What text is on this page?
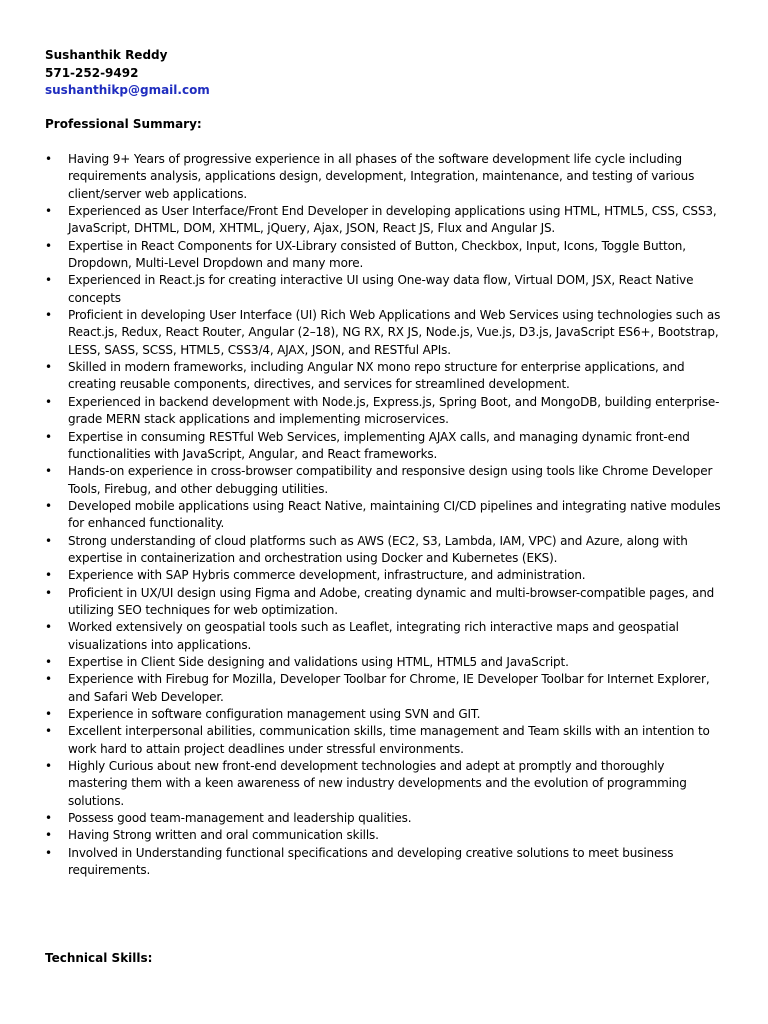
Sushanthik Reddy
571-252-9492
sushanthikp@gmail.com
Professional Summary:
• Having 9+ Years of progressive experience in all phases of the software development life cycle including requirements analysis, applications design, development, Integration, maintenance, and testing of various client/server web applications.
• Experienced as User Interface/Front End Developer in developing applications using HTML, HTML5, CSS, CSS3, JavaScript, DHTML, DOM, XHTML, jQuery, Ajax, JSON, React JS, Flux and Angular JS.
• Expertise in React Components for UX-Library consisted of Button, Checkbox, Input, Icons, Toggle Button, Dropdown, Multi-Level Dropdown and many more.
• Experienced in React.js for creating interactive UI using One-way data flow, Virtual DOM, JSX, React Native concepts
• Proficient in developing User Interface (UI) Rich Web Applications and Web Services using technologies such as React.js, Redux, React Router, Angular (2–18), NG RX, RX JS, Node.js, Vue.js, D3.js, JavaScript ES6+, Bootstrap, LESS, SASS, SCSS, HTML5, CSS3/4, AJAX, JSON, and RESTful APIs.
• Skilled in modern frameworks, including Angular NX mono repo structure for enterprise applications, and creating reusable components, directives, and services for streamlined development.
• Experienced in backend development with Node.js, Express.js, Spring Boot, and MongoDB, building enterprise-grade MERN stack applications and implementing microservices.
• Expertise in consuming RESTful Web Services, implementing AJAX calls, and managing dynamic front-end functionalities with JavaScript, Angular, and React frameworks.
• Hands-on experience in cross-browser compatibility and responsive design using tools like Chrome Developer Tools, Firebug, and other debugging utilities.
• Developed mobile applications using React Native, maintaining CI/CD pipelines and integrating native modules for enhanced functionality.
• Strong understanding of cloud platforms such as AWS (EC2, S3, Lambda, IAM, VPC) and Azure, along with expertise in containerization and orchestration using Docker and Kubernetes (EKS).
• Experience with SAP Hybris commerce development, infrastructure, and administration.
• Proficient in UX/UI design using Figma and Adobe, creating dynamic and multi-browser-compatible pages, and utilizing SEO techniques for web optimization.
• Worked extensively on geospatial tools such as Leaflet, integrating rich interactive maps and geospatial visualizations into applications.
• Expertise in Client Side designing and validations using HTML, HTML5 and JavaScript.
• Experience with Firebug for Mozilla, Developer Toolbar for Chrome, IE Developer Toolbar for Internet Explorer, and Safari Web Developer.
• Experience in software configuration management using SVN and GIT.
• Excellent interpersonal abilities, communication skills, time management and Team skills with an intention to work hard to attain project deadlines under stressful environments.
• Highly Curious about new front-end development technologies and adept at promptly and thoroughly mastering them with a keen awareness of new industry developments and the evolution of programming solutions.
• Possess good team-management and leadership qualities.
• Having Strong written and oral communication skills.
• Involved in Understanding functional specifications and developing creative solutions to meet business requirements.
Technical Skills:
